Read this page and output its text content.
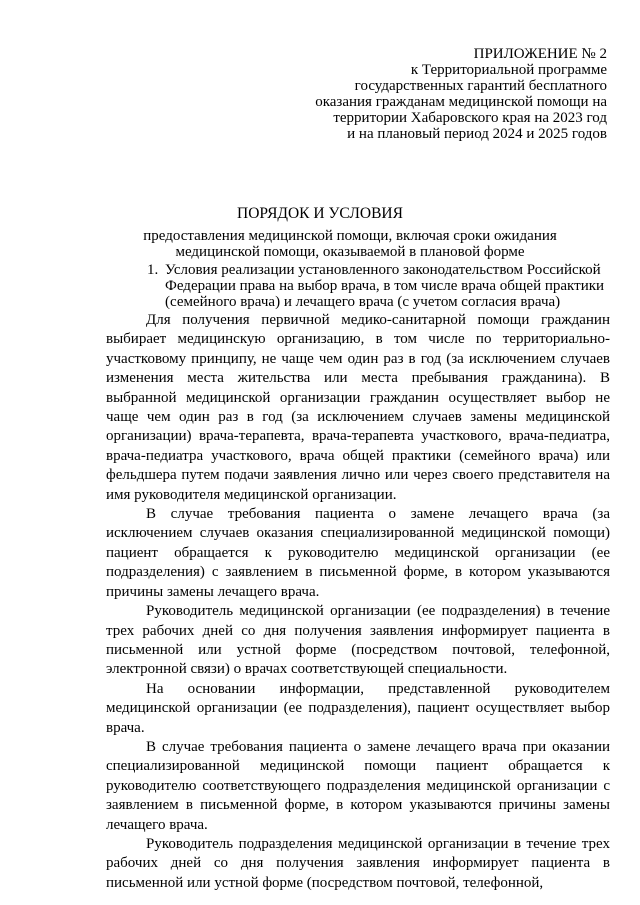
ПРИЛОЖЕНИЕ № 2
к Территориальной программе
государственных гарантий бесплатного
оказания гражданам медицинской помощи на
территории Хабаровского края на 2023 год
и на плановый период 2024 и 2025 годов
ПОРЯДОК И УСЛОВИЯ
предоставления медицинской помощи, включая сроки ожидания медицинской помощи, оказываемой в плановой форме
1. Условия реализации установленного законодательством Российской Федерации права на выбор врача, в том числе врача общей практики (семейного врача) и лечащего врача (с учетом согласия врача)

Для получения первичной медико-санитарной помощи гражданин выбирает медицинскую организацию, в том числе по территориально-участковому принципу, не чаще чем один раз в год (за исключением случаев изменения места жительства или места пребывания гражданина). В выбранной медицинской организации гражданин осуществляет выбор не чаще чем один раз в год (за исключением случаев замены медицинской организации) врача-терапевта, врача-терапевта участкового, врача-педиатра, врача-педиатра участкового, врача общей практики (семейного врача) или фельдшера путем подачи заявления лично или через своего представителя на имя руководителя медицинской организации.

В случае требования пациента о замене лечащего врача (за исключением случаев оказания специализированной медицинской помощи) пациент обращается к руководителю медицинской организации (ее подразделения) с заявлением в письменной форме, в котором указываются причины замены лечащего врача.

Руководитель медицинской организации (ее подразделения) в течение трех рабочих дней со дня получения заявления информирует пациента в письменной или устной форме (посредством почтовой, телефонной, электронной связи) о врачах соответствующей специальности.

На основании информации, представленной руководителем медицинской организации (ее подразделения), пациент осуществляет выбор врача.

В случае требования пациента о замене лечащего врача при оказании специализированной медицинской помощи пациент обращается к руководителю соответствующего подразделения медицинской организации с заявлением в письменной форме, в котором указываются причины замены лечащего врача.

Руководитель подразделения медицинской организации в течение трех рабочих дней со дня получения заявления информирует пациента в письменной или устной форме (посредством почтовой, телефонной,
